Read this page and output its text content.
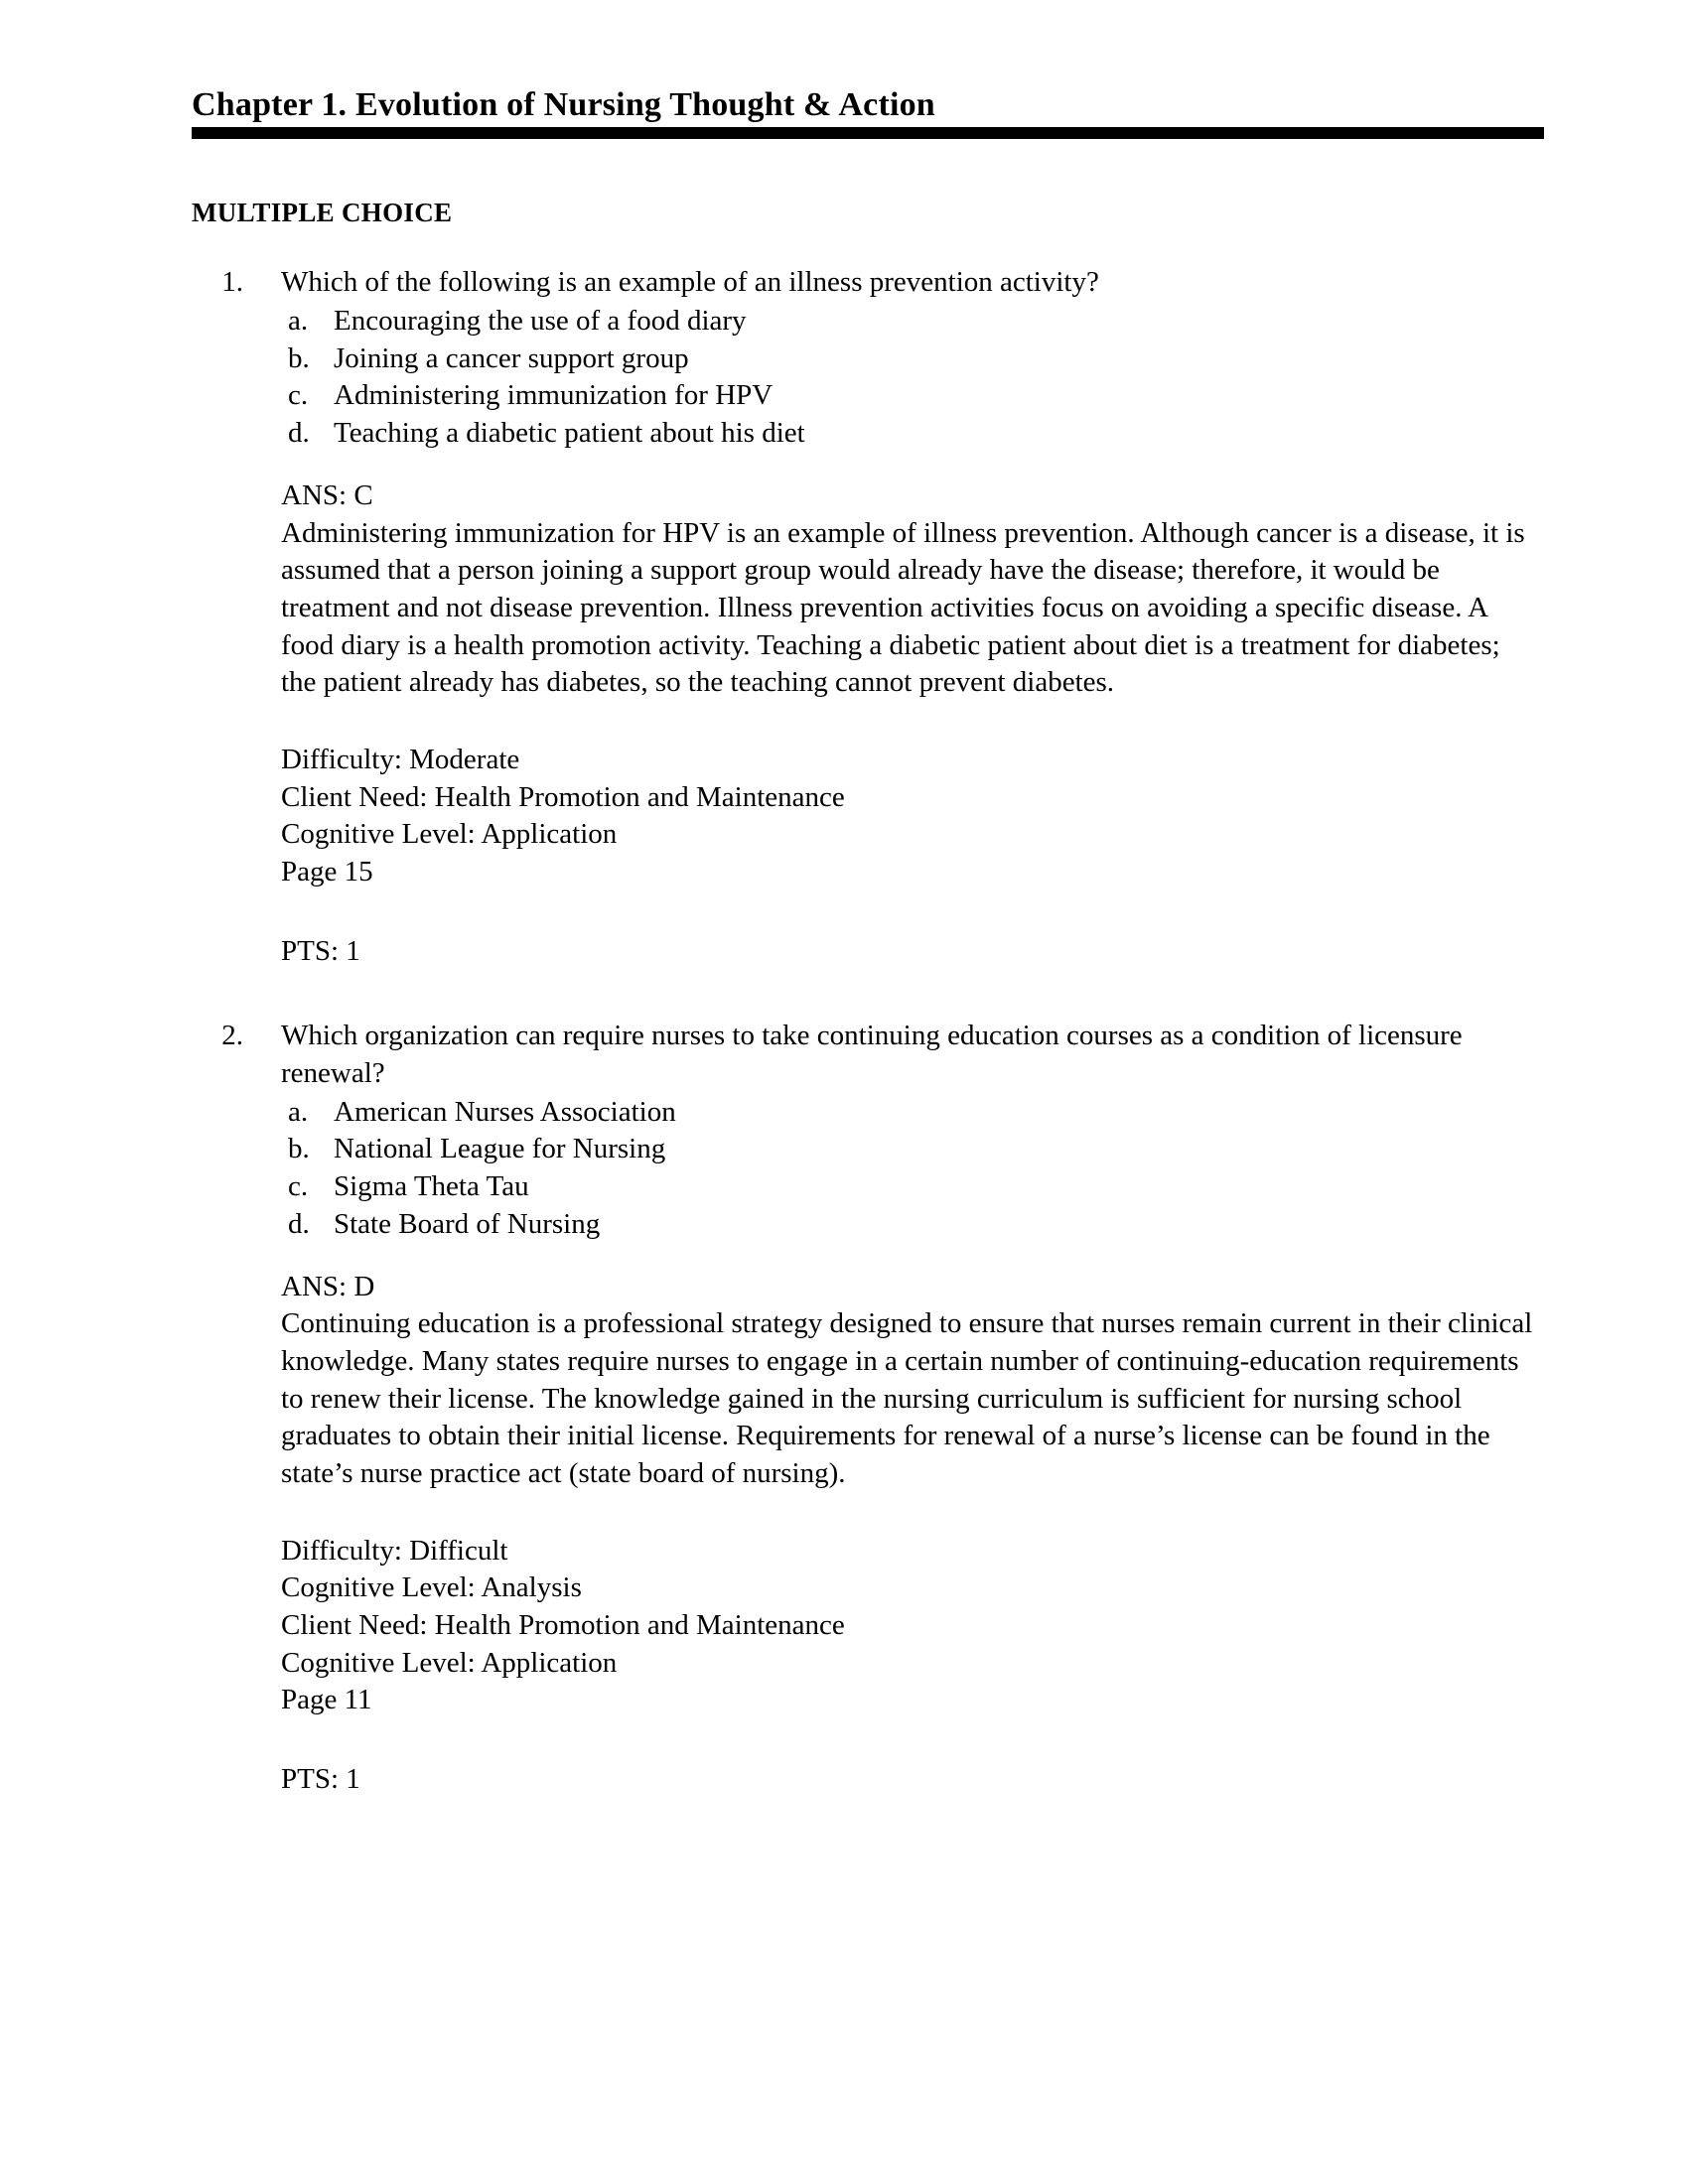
Chapter 1. Evolution of Nursing Thought & Action
MULTIPLE CHOICE
1.	Which of the following is an example of an illness prevention activity?
a. Encouraging the use of a food diary
b. Joining a cancer support group
c. Administering immunization for HPV
d. Teaching a diabetic patient about his diet
ANS: C
Administering immunization for HPV is an example of illness prevention. Although cancer is a disease, it is assumed that a person joining a support group would already have the disease; therefore, it would be treatment and not disease prevention. Illness prevention activities focus on avoiding a specific disease. A food diary is a health promotion activity. Teaching a diabetic patient about diet is a treatment for diabetes; the patient already has diabetes, so the teaching cannot prevent diabetes.
Difficulty: Moderate
Client Need: Health Promotion and Maintenance
Cognitive Level: Application
Page 15
PTS: 1
2.	Which organization can require nurses to take continuing education courses as a condition of licensure renewal?
a. American Nurses Association
b. National League for Nursing
c. Sigma Theta Tau
d. State Board of Nursing
ANS: D
Continuing education is a professional strategy designed to ensure that nurses remain current in their clinical knowledge. Many states require nurses to engage in a certain number of continuing-education requirements to renew their license. The knowledge gained in the nursing curriculum is sufficient for nursing school graduates to obtain their initial license. Requirements for renewal of a nurse’s license can be found in the state’s nurse practice act (state board of nursing).
Difficulty: Difficult
Cognitive Level: Analysis
Client Need: Health Promotion and Maintenance
Cognitive Level: Application
Page 11
PTS: 1
